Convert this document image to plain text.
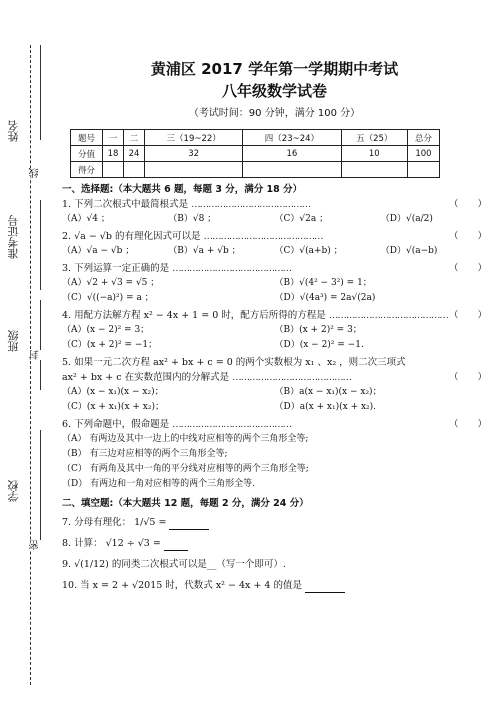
姓名
准考证号
班级
学校
线
封
密
黄浦区 2017 学年第一学期期中考试
八年级数学试卷
（考试时间：90 分钟，满分 100 分）
题号	一	二	三（19~22）	四（23~24）	五（25）	总分
分值	18	24	32	16	10	100
得分						
一、选择题:（本大题共 6 题，每题 3 分，满分 18 分）
1. 下列二次根式中最简根式是 ……………………………………	（　　）
（A）√4 ；	（B）√8 ；	（C）√2a ；	（D）√(a/2)
2. √a − √b 的有理化因式可以是 ……………………………………	（　　）
（A）√a − √b ；	（B）√a + √b ；	（C）√(a+b) ；	（D）√(a−b)
3. 下列运算一定正确的是 ……………………………………	（　　）
（A）√2 + √3 = √5 ；	（B）√(4² − 3²) = 1；
（C）√((−a)²) = a ；	（D）√(4a³) = 2a√(2a)
4. 用配方法解方程 x² − 4x + 1 = 0 时，配方后所得的方程是 …………………………………… （　　）
（A）(x − 2)² = 3；	（B）(x + 2)² = 3；
（C）(x + 2)² = −1；	（D）(x − 2)² = −1.
5. 如果一元二次方程 ax² + bx + c = 0 的两个实数根为 x₁ 、x₂ ，则二次三项式
ax² + bx + c 在实数范围内的分解式是 ……………………………………	（　　）
（A）(x − x₁)(x − x₂)；	（B）a(x − x₁)(x − x₂)；
（C）(x + x₁)(x + x₂)；	（D）a(x + x₁)(x + x₂).
6. 下列命题中，假命题是 ……………………………………	（　　）
（A） 有两边及其中一边上的中线对应相等的两个三角形全等;
（B） 有三边对应相等的两个三角形全等;
（C） 有两角及其中一角的平分线对应相等的两个三角形全等;
（D） 有两边和一角对应相等的两个三角形全等.
二、填空题:（本大题共 12 题，每题 2 分，满分 24 分）
7. 分母有理化： 1/√5 =
8. 计算： √12 ÷ √3 =
9. √(1/12) 的同类二次根式可以是__（写一个即可）.
10. 当 x = 2 + √2015 时，代数式 x² − 4x + 4 的值是
